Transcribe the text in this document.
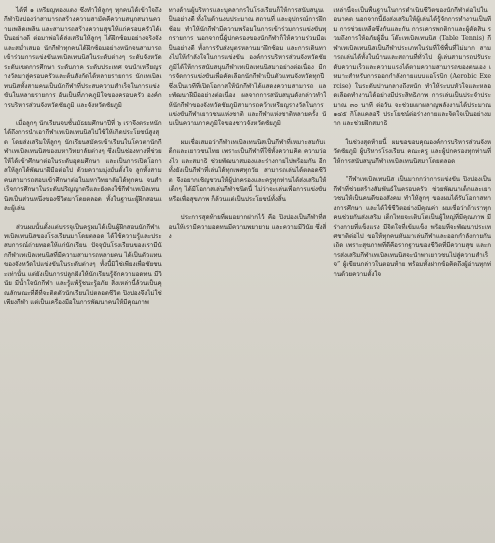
ได้ที่ ๑ เหรียญทองแดง ซึ่งทำให้ลูกๆ ทุกคนได้เข้าใจถึงกีฬาปิงปองว่าสามารถสร้างความสามัคคีความสนุกสนานความเพลิดเพลิน และสามารถสร้างความสุขให้แก่ครอบครัวได้เป็นอย่างดี ต่อมาพ่อได้ส่งเสริมให้ลูกๆ ได้ฝึกซ้อมอย่างจริงจังและสม่ำเสมอ นักกีฬาทุกคนได้ฝึกซ้อมอย่างหนักจนสามารถเข้าร่วมการแข่งขันเทเบิลเทนนิสในระดับต่างๆ ระดับจังหวัด ระดับเขตการศึกษา ระดับภาค ระดับประเทศ จนนำเหรียญรางวัลมาสู่ครอบครัวและต้นสังกัดได้หลายรายการ นักเทเบิลเทนนิสทั้งสามคนเป็นนักกีฬาที่ประสบความสำเร็จในการแข่งขันในหลายรายการ อันเป็นที่ภาคภูมิใจของครอบครัว องค์การบริหารส่วนจังหวัดชัยภูมิ และจังหวัดชัยภูมิ

เมื่อลูกๆ นักเรียนจบชั้นมัธยมศึกษาปีที่ ๖ เราจึงตระหนักได้ถึงการนำเอากีฬาเทเบิลเทนนิสไปใช้ให้เกิดประโยชน์สูงสุด โดยส่งเสริมให้ลูกๆ นักเรียนสมัครเข้าเรียนในโควตานักกีฬาเทเบิลเทนนิสของมหาวิทยาลัยต่างๆ ซึ่งเป็นช่องทางที่ช่วยให้ได้เข้าศึกษาต่อในระดับอุดมศึกษา และเป็นการเปิดโอกาสให้ลูกได้พัฒนาฝีมือต่อไป ด้วยความมุ่งมั่นตั้งใจ ลูกทั้งสามคนสามารถสอบเข้าศึกษาต่อในมหาวิทยาลัยได้ทุกคน จนสำเร็จการศึกษาในระดับปริญญาตรีและยังคงใช้กีฬาเทเบิลเทนนิสเป็นส่วนหนึ่งของชีวิตมาโดยตลอด ทั้งในฐานะผู้ฝึกสอนและผู้เล่น

ส่วนผมนั้นตั้งแต่บรรจุเป็นครูผมได้เป็นผู้ฝึกสอนนักกีฬาเทเบิลเทนนิสของโรงเรียนมาโดยตลอด ได้ใช้ความรู้และประสบการณ์ถ่ายทอดให้แก่นักเรียน ปัจจุบันโรงเรียนของเรามีนักกีฬาเทเบิลเทนนิสที่มีความสามารถหลายคน ได้เป็นตัวแทนของจังหวัดไปแข่งขันในระดับต่างๆ ทั้งนี้มิใช่เพียงเพื่อชัยชนะเท่านั้น แต่ยังเป็นการปลูกฝังให้นักเรียนรู้จักความอดทน มีวินัย มีน้ำใจนักกีฬา และรู้แพ้รู้ชนะรู้อภัย สิ่งเหล่านี้ล้วนเป็นคุณลักษณะที่ดีที่จะติดตัวนักเรียนไปตลอดชีวิต ปิงปองจึงไม่ใช่เพียงกีฬา แต่เป็นเครื่องมือในการพัฒนาคนให้มีคุณภาพ

ทางด้านผู้บริหารและบุคลากรในโรงเรียนก็ให้การสนับสนุนเป็นอย่างดี ทั้งในด้านงบประมาณ สถานที่ และอุปกรณ์การฝึกซ้อม ทำให้นักกีฬามีความพร้อมในการเข้าร่วมการแข่งขันทุกรายการ นอกจากนี้ผู้ปกครองของนักกีฬาก็ให้ความร่วมมือเป็นอย่างดี ทั้งการรับส่งบุตรหลานมาฝึกซ้อม และการเดินทางไปให้กำลังใจในการแข่งขัน องค์การบริหารส่วนจังหวัดชัยภูมิได้ให้การสนับสนุนกีฬาเทเบิลเทนนิสมาอย่างต่อเนื่อง มีการจัดการแข่งขันเพื่อคัดเลือกนักกีฬาเป็นตัวแทนจังหวัดทุกปี ซึ่งเป็นเวทีที่เปิดโอกาสให้นักกีฬาได้แสดงความสามารถ และพัฒนาฝีมืออย่างต่อเนื่อง ผลจากการสนับสนุนดังกล่าวทำให้นักกีฬาของจังหวัดชัยภูมิสามารถคว้าเหรียญรางวัลในการแข่งขันกีฬาเยาวชนแห่งชาติ และกีฬาแห่งชาติหลายครั้ง นับเป็นความภาคภูมิใจของชาวจังหวัดชัยภูมิ

ผมเชื่อเสมอว่ากีฬาเทเบิลเทนนิสเป็นกีฬาที่เหมาะสมกับเด็กและเยาวชนไทย เพราะเป็นกีฬาที่ใช้ทั้งความคิด ความว่องไว และสมาธิ ช่วยพัฒนาสมองและร่างกายไปพร้อมกัน อีกทั้งยังเป็นกีฬาที่เล่นได้ทุกเพศทุกวัย สามารถเล่นได้ตลอดชีวิต จึงอยากเชิญชวนให้ผู้ปกครองและครูทุกท่านได้ส่งเสริมให้เด็กๆ ได้มีโอกาสเล่นกีฬาชนิดนี้ ไม่ว่าจะเล่นเพื่อการแข่งขันหรือเพื่อสุขภาพ ก็ล้วนแต่เป็นประโยชน์ทั้งสิ้น

ประการสุดท้ายที่ผมอยากฝากไว้ คือ ปิงปองเป็นกีฬาที่สอนให้เรามีความอดทนมีความพยายาม และความมีวินัย ซึ่งสิ่ง

เหล่านี้จะเป็นพื้นฐานในการดำเนินชีวิตของนักกีฬาต่อไปในอนาคต นอกจากนี้ยังส่งเสริมให้ผู้เล่นได้รู้จักการทำงานเป็นทีม การช่วยเหลือซึ่งกันและกัน การเคารพกติกาและผู้ตัดสิน รวมถึงการให้อภัยผู้อื่น โต๊ะเทเบิลเทนนิส (Table Tennis) กีฬาเทเบิลเทนนิสเป็นกีฬาประเภทในร่มที่ใช้พื้นที่ไม่มาก สามารถเล่นได้ทั้งในบ้านและสถานที่ทั่วไป ผู้เล่นสามารถปรับระดับความเร็วและความแรงได้ตามความสามารถของตนเอง เหมาะสำหรับการออกกำลังกายแบบแอโรบิก (Aerobic Exercise) ในระดับปานกลางถึงหนัก ทำให้ระบบหัวใจและหลอดเลือดทำงานได้อย่างมีประสิทธิภาพ การเล่นเป็นประจำประมาณ ๓๐ นาที ต่อวัน จะช่วยเผาผลาญพลังงานได้ประมาณ ๑๔๕ กิโลแคลอรี ประโยชน์ต่อร่างกายและจิตใจเป็นอย่างมาก และช่วยฝึกสมาธิ

ในช่วงสุดท้ายนี้ ผมขอขอบคุณองค์การบริหารส่วนจังหวัดชัยภูมิ ผู้บริหารโรงเรียน คณะครู และผู้ปกครองทุกท่านที่ให้การสนับสนุนกีฬาเทเบิลเทนนิสมาโดยตลอด

“กีฬาเทเบิลเทนนิส เป็นมากกว่าการแข่งขัน ปิงปองเป็นกีฬาที่ช่วยสร้างสัมพันธ์ในครอบครัว ช่วยพัฒนาเด็กและเยาวชนให้เป็นคนดีของสังคม ทำให้ลูกๆ ของผมได้รับโอกาสทางการศึกษา และได้ใช้ชีวิตอย่างมีคุณค่า ผมเชื่อว่าถ้าเราทุกคนช่วยกันส่งเสริม เด็กไทยจะเติบโตเป็นผู้ใหญ่ที่มีคุณภาพ มีร่างกายที่แข็งแรง มีจิตใจที่เข้มแข็ง พร้อมที่จะพัฒนาประเทศชาติต่อไป ขอให้ทุกคนหันมาเล่นกีฬาและออกกำลังกายกันเถิด เพราะสุขภาพที่ดีคือรากฐานของชีวิตที่มีความสุข และการส่งเสริมกีฬาเทเบิลเทนนิสจะนำพาเยาวชนไปสู่ความสำเร็จ” ผู้เขียนกล่าวในตอนท้าย พร้อมทั้งฝากข้อคิดถึงผู้อ่านทุกท่านด้วยความตั้งใจ
